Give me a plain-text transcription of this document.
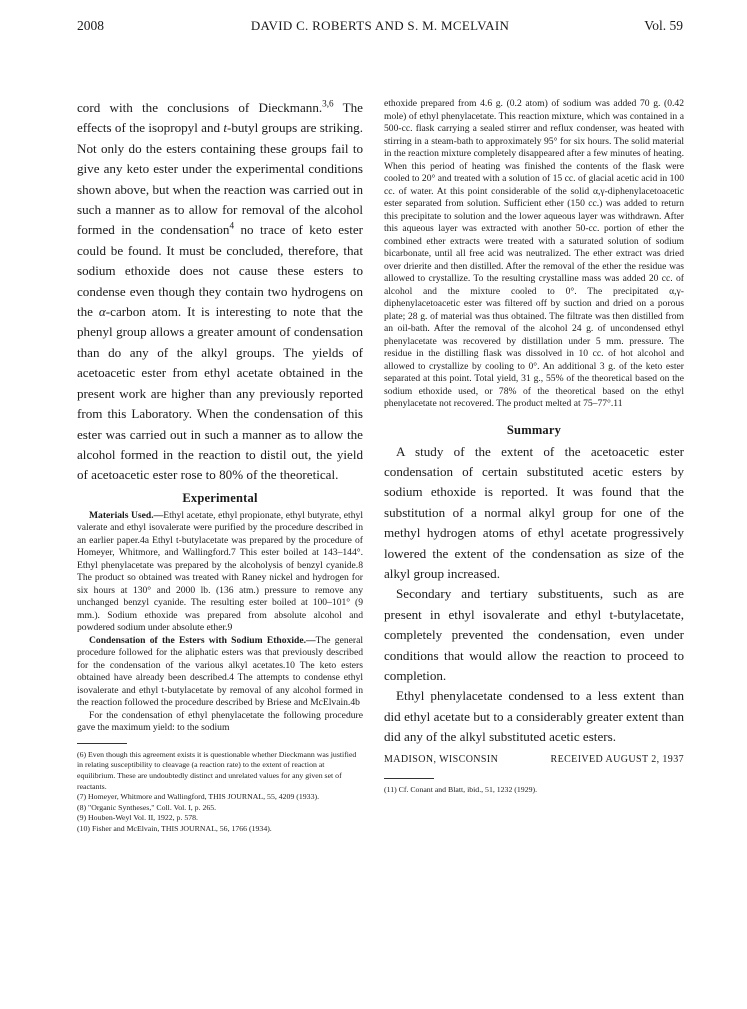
2008	DAVID C. ROBERTS AND S. M. MCELVAIN	Vol. 59

cord with the conclusions of Dieckmann.$^{3,6}$ The effects of the isopropyl and t-butyl groups are striking. Not only do the esters containing these groups fail to give any keto ester under the experimental conditions shown above, but when the reaction was carried out in such a manner as to allow for removal of the alcohol formed in the condensation$^4$ no trace of keto ester could be found. It must be concluded, therefore, that sodium ethoxide does not cause these esters to condense even though they contain two hydrogens on the α-carbon atom. It is interesting to note that the phenyl group allows a greater amount of condensation than do any of the alkyl groups. The yields of acetoacetic ester from ethyl acetate obtained in the present work are higher than any previously reported from this Laboratory. When the condensation of this ester was carried out in such a manner as to allow the alcohol formed in the reaction to distil out, the yield of acetoacetic ester rose to 80% of the theoretical.

Experimental

Materials Used.—Ethyl acetate, ethyl propionate, ethyl butyrate, ethyl valerate and ethyl isovalerate were purified by the procedure described in an earlier paper.4a Ethyl t-butylacetate was prepared by the procedure of Homeyer, Whitmore, and Wallingford.7 This ester boiled at 143–144°. Ethyl phenylacetate was prepared by the alcoholysis of benzyl cyanide.8 The product so obtained was treated with Raney nickel and hydrogen for six hours at 130° and 2000 lb. (136 atm.) pressure to remove any unchanged benzyl cyanide. The resulting ester boiled at 100–101° (9 mm.). Sodium ethoxide was prepared from absolute alcohol and powdered sodium under absolute ether.9

Condensation of the Esters with Sodium Ethoxide.—The general procedure followed for the aliphatic esters was that previously described for the condensation of the various alkyl acetates.10 The keto esters obtained have already been described.4 The attempts to condense ethyl isovalerate and ethyl t-butylacetate by removal of any alcohol formed in the reaction followed the procedure described by Briese and McElvain.4b

For the condensation of ethyl phenylacetate the following procedure gave the maximum yield: to the sodium

(6) Even though this agreement exists it is questionable whether Dieckmann was justified in relating susceptibility to cleavage (a reaction rate) to the extent of reaction at equilibrium. These are undoubtedly distinct and unrelated values for any given set of reactants.

(7) Homeyer, Whitmore and Wallingford, THIS JOURNAL, 55, 4209 (1933).

(8) "Organic Syntheses," Coll. Vol. I, p. 265.

(9) Houben-Weyl Vol. II, 1922, p. 578.

(10) Fisher and McElvain, THIS JOURNAL, 56, 1766 (1934).

ethoxide prepared from 4.6 g. (0.2 atom) of sodium was added 70 g. (0.42 mole) of ethyl phenylacetate. This reaction mixture, which was contained in a 500-cc. flask carrying a sealed stirrer and reflux condenser, was heated with stirring in a steam-bath to approximately 95° for six hours. The solid material in the reaction mixture completely disappeared after a few minutes of heating. When this period of heating was finished the contents of the flask were cooled to 20° and treated with a solution of 15 cc. of glacial acetic acid in 100 cc. of water. At this point considerable of the solid α,γ-diphenylacetoacetic ester separated from solution. Sufficient ether (150 cc.) was added to return this precipitate to solution and the lower aqueous layer was withdrawn. After this aqueous layer was extracted with another 50-cc. portion of ether the combined ether extracts were treated with a saturated solution of sodium bicarbonate, until all free acid was neutralized. The ether extract was dried over drierite and then distilled. After the removal of the ether the residue was allowed to crystallize. To the resulting crystalline mass was added 20 cc. of alcohol and the mixture cooled to 0°. The precipitated α,γ-diphenylacetoacetic ester was filtered off by suction and dried on a porous plate; 28 g. of material was thus obtained. The filtrate was then distilled from an oil-bath. After the removal of the alcohol 24 g. of uncondensed ethyl phenylacetate was recovered by distillation under 5 mm. pressure. The residue in the distilling flask was dissolved in 10 cc. of hot alcohol and allowed to crystallize by cooling to 0°. An additional 3 g. of the keto ester separated at this point. Total yield, 31 g., 55% of the theoretical based on the sodium ethoxide used, or 78% of the theoretical based on the ethyl phenylacetate not recovered. The product melted at 75–77°.11

Summary

A study of the extent of the acetoacetic ester condensation of certain substituted acetic esters by sodium ethoxide is reported. It was found that the substitution of a normal alkyl group for one of the methyl hydrogen atoms of ethyl acetate progressively lowered the extent of the condensation as size of the alkyl group increased.

Secondary and tertiary substituents, such as are present in ethyl isovalerate and ethyl t-butylacetate, completely prevented the condensation, even under conditions that would allow the reaction to proceed to completion.

Ethyl phenylacetate condensed to a less extent than did ethyl acetate but to a considerably greater extent than did any of the alkyl substituted acetic esters.

MADISON, WISCONSIN	RECEIVED AUGUST 2, 1937

(11) Cf. Conant and Blatt, ibid., 51, 1232 (1929).
